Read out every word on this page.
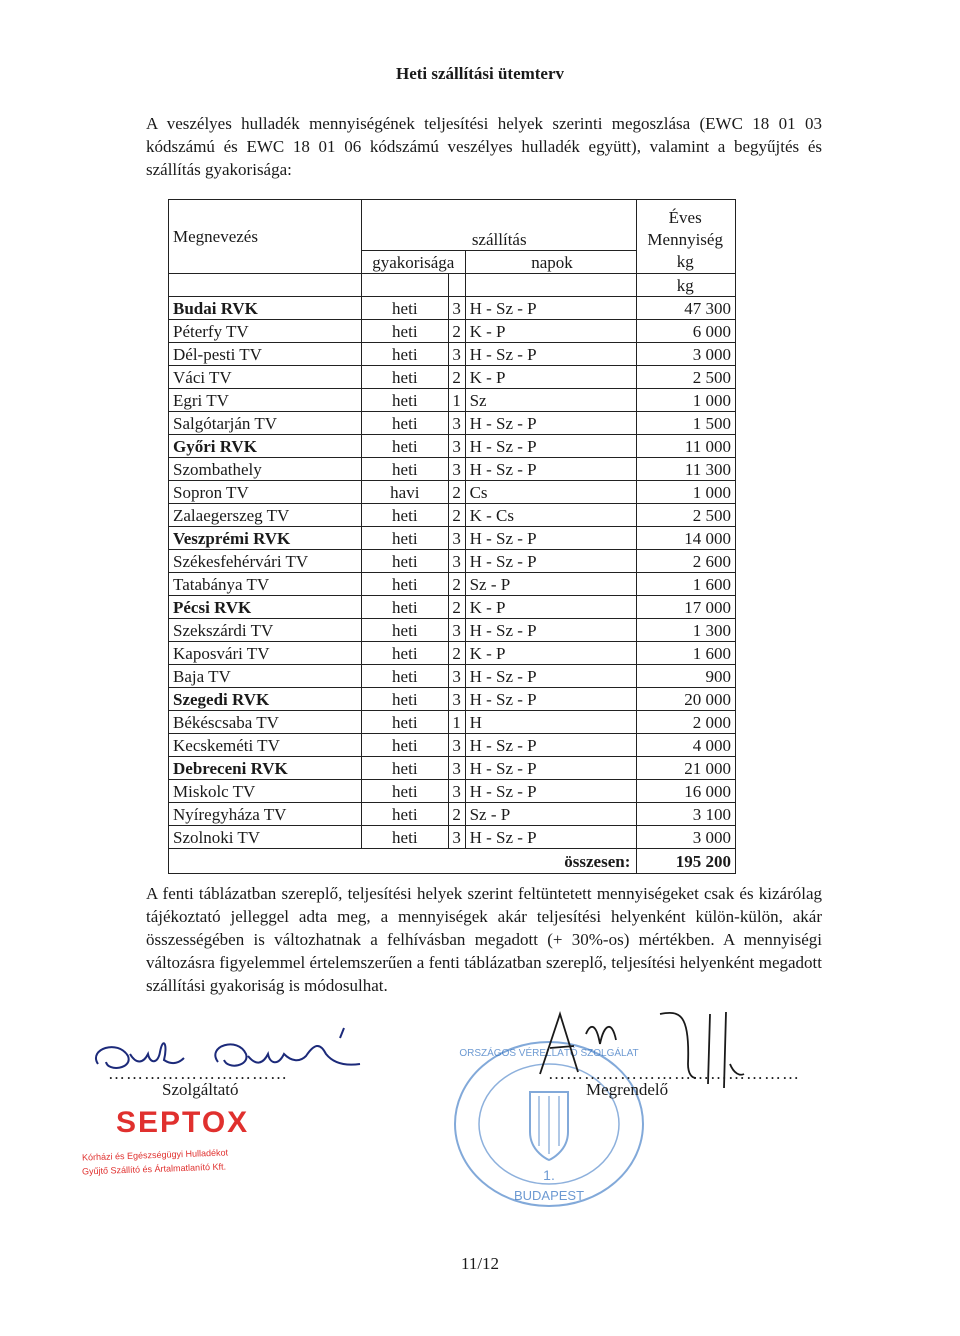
Heti szállítási ütemterv
A veszélyes hulladék mennyiségének teljesítési helyek szerinti megoszlása (EWC 18 01 03 kódszámú és EWC 18 01 06 kódszámú veszélyes hulladék együtt), valamint a begyűjtés és szállítás gyakorisága:
Megnevezés	szállítás			Éves
Mennyiség

	gyakorisága		napok	kg
				kg
Budai RVK	heti	3	H - Sz - P	47 300
Péterfy TV	heti	2	K - P	6 000
Dél-pesti TV	heti	3	H - Sz - P	3 000
Váci TV	heti	2	K - P	2 500
Egri TV	heti	1	Sz	1 000
Salgótarján TV	heti	3	H - Sz - P	1 500
Győri RVK	heti	3	H - Sz - P	11 000
Szombathely	heti	3	H - Sz - P	11 300
Sopron TV	havi	2	Cs	1 000
Zalaegerszeg TV	heti	2	K - Cs	2 500
Veszprémi RVK	heti	3	H - Sz - P	14 000
Székesfehérvári TV	heti	3	H - Sz - P	2 600
Tatabánya TV	heti	2	Sz - P	1 600
Pécsi RVK	heti	2	K - P	17 000
Szekszárdi TV	heti	3	H - Sz - P	1 300
Kaposvári TV	heti	2	K - P	1 600
Baja TV	heti	3	H - Sz - P	900
Szegedi RVK	heti	3	H - Sz - P	20 000
Békéscsaba TV	heti	1	H	2 000
Kecskeméti TV	heti	3	H - Sz - P	4 000
Debreceni RVK	heti	3	H - Sz - P	21 000
Miskolc TV	heti	3	H - Sz - P	16 000
Nyíregyháza TV	heti	2	Sz - P	3 100
Szolnoki TV	heti	3	H - Sz - P	3 000
	összesen:			195 200
A fenti táblázatban szereplő, teljesítési helyek szerint feltüntetett mennyiségeket csak és kizárólag tájékoztató jelleggel adta meg, a mennyiségek akár teljesítési helyenként külön-külön, akár összességében is változhatnak a felhívásban megadott (+ 30%-os) mértékben. A mennyiségi változásra figyelemmel értelemszerűen a fenti táblázatban szereplő, teljesítési helyenként megadott szállítási gyakoriság is módosulhat.
…………………………
Szolgáltató
SEPTOX
Kórházi és Egészségügyi Hulladékot
Gyűjtő Szállító és Ártalmatlanító Kft.	1.
BUDAPEST
ORSZÁGOS VÉRELLÁTÓ SZOLGÁLAT
……………………………………
Megrendelő
11/12
